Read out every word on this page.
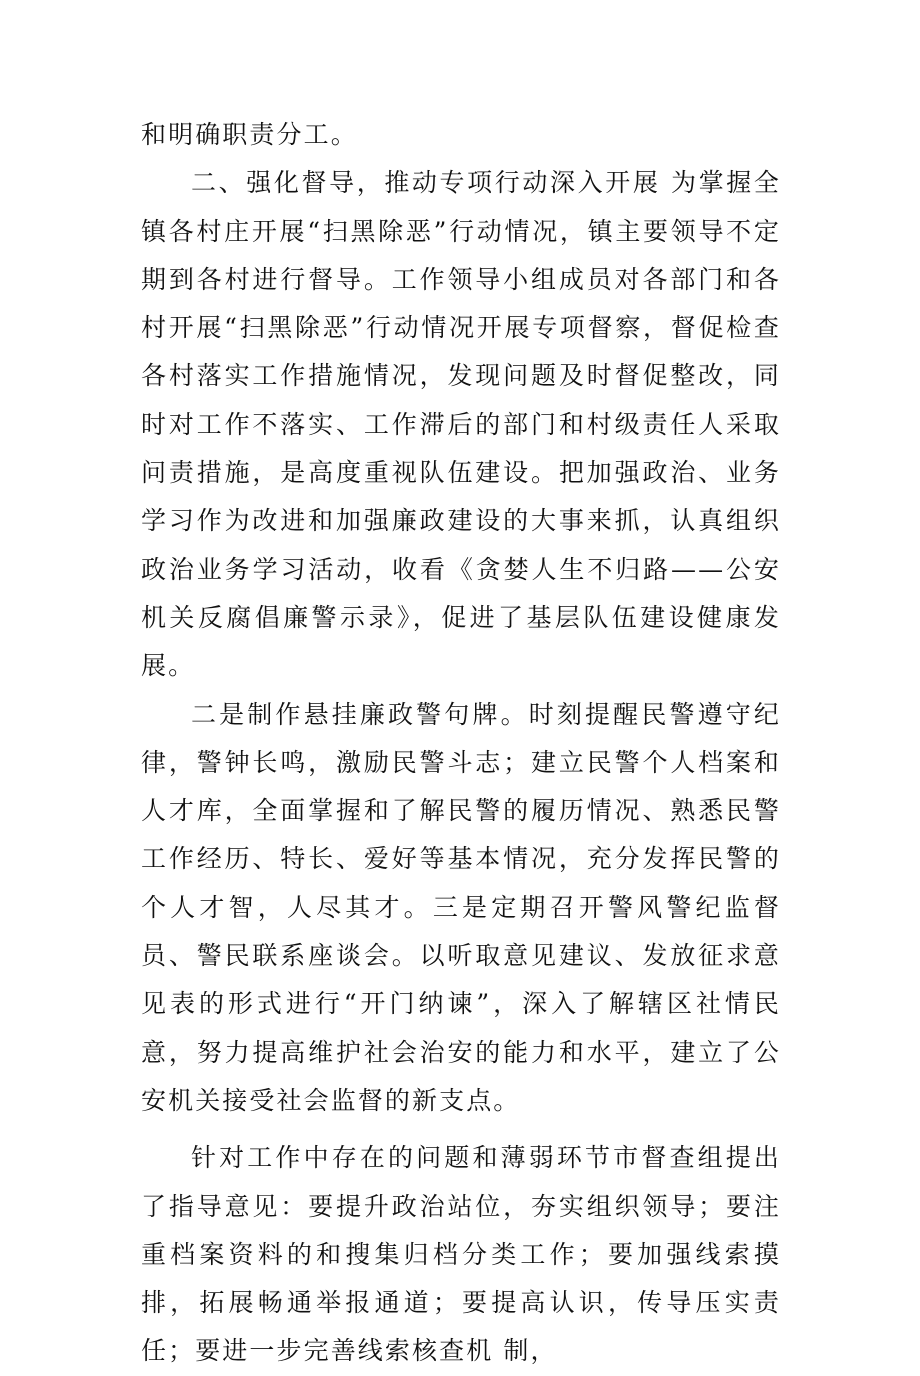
和明确职责分工。

二、强化督导，推动专项行动深入开展 为掌握全镇各村庄开展“扫黑除恶”行动情况，镇主要领导不定期到各村进行督导。工作领导小组成员对各部门和各村开展“扫黑除恶”行动情况开展专项督察，督促检查各村落实工作措施情况，发现问题及时督促整改，同时对工作不落实、工作滞后的部门和村级责任人采取问责措施，是高度重视队伍建设。把加强政治、业务学习作为改进和加强廉政建设的大事来抓，认真组织政治业务学习活动，收看《贪婪人生不归路——公安机关反腐倡廉警示录》，促进了基层队伍建设健康发展。

二是制作悬挂廉政警句牌。时刻提醒民警遵守纪律，警钟长鸣，激励民警斗志；建立民警个人档案和人才库，全面掌握和了解民警的履历情况、熟悉民警工作经历、特长、爱好等基本情况，充分发挥民警的个人才智，人尽其才。三是定期召开警风警纪监督员、警民联系座谈会。以听取意见建议、发放征求意见表的形式进行“开门纳谏”，深入了解辖区社情民意，努力提高维护社会治安的能力和水平，建立了公安机关接受社会监督的新支点。

针对工作中存在的问题和薄弱环节市督查组提出了指导意见：要提升政治站位，夯实组织领导；要注重档案资料的和搜集归档分类工作；要加强线索摸排，拓展畅通举报通道；要提高认识，传导压实责任；要进一步完善线索核查机 制，
